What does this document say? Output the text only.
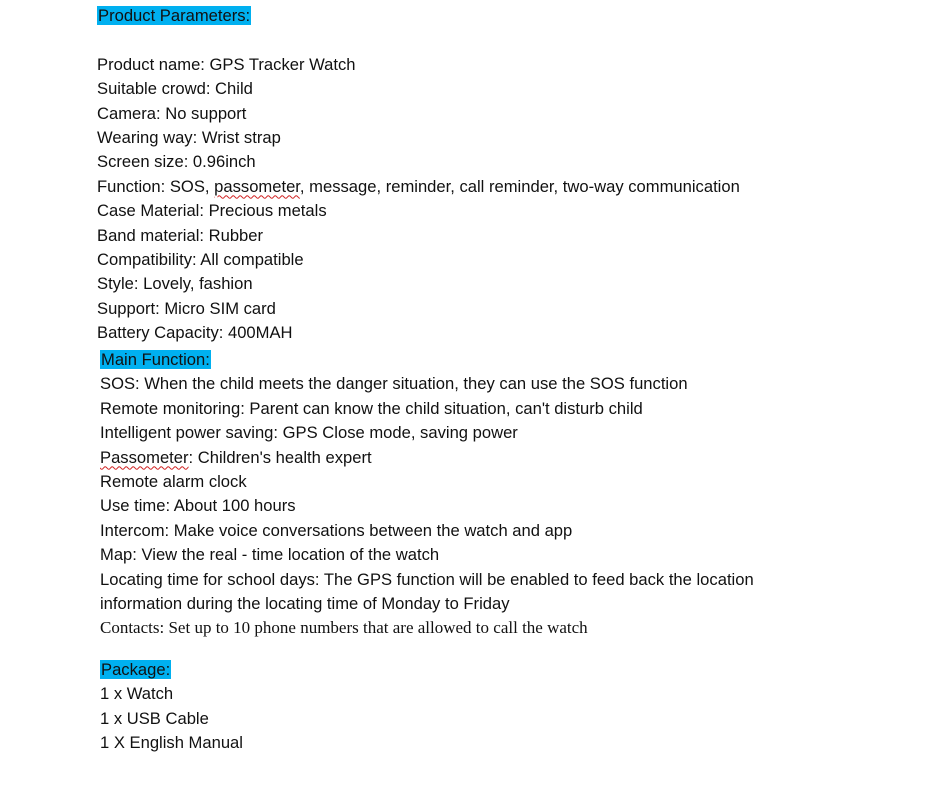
Product Parameters:
Product name: GPS Tracker Watch
Suitable crowd: Child
Camera: No support
Wearing way: Wrist strap
Screen size: 0.96inch
Function: SOS, passometer, message, reminder, call reminder, two-way communication
Case Material: Precious metals
Band material: Rubber
Compatibility: All compatible
Style: Lovely, fashion
Support: Micro SIM card
Battery Capacity: 400MAH
Main Function:
SOS: When the child meets the danger situation, they can use the SOS function
Remote monitoring: Parent can know the child situation, can't disturb child
Intelligent power saving: GPS Close mode, saving power
Passometer: Children's health expert
Remote alarm clock
Use time: About 100 hours
Intercom: Make voice conversations between the watch and app
Map: View the real - time location of the watch
Locating time for school days: The GPS function will be enabled to feed back the location
information during the locating time of Monday to Friday
Contacts: Set up to 10 phone numbers that are allowed to call the watch
Package:
1 x Watch
1 x USB Cable
1 X English Manual
